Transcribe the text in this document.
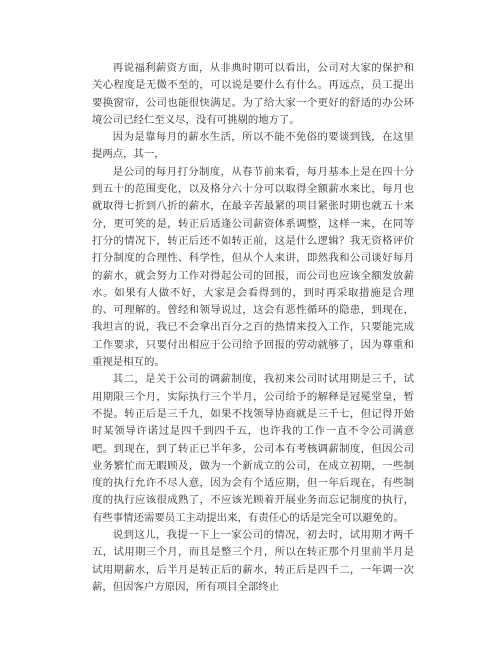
再说福利薪资方面，从非典时期可以看出，公司对大家的保护和关心程度是无微不至的，可以说是要什么有什么。再远点，员工提出要换窗帘，公司也能很快满足。为了给大家一个更好的舒适的办公环境公司已经仁至义尽，没有可挑剔的地方了。

因为是靠每月的薪水生活，所以不能不免俗的要谈到钱，在这里提两点，其一，

是公司的每月打分制度，从春节前来看，每月基本上是在四十分到五十的范围变化，以及格分六十分可以取得全额薪水来比，每月也就取得七折到八折的薪水，在最辛苦最紧的项目紧张时期也就五十来分，更可笑的是，转正后适逢公司薪资体系调整，这样一来，在同等打分的情况下，转正后还不如转正前，这是什么逻辑？我无资格评价打分制度的合理性、科学性，但从个人来讲，即然我和公司谈好每月的薪水，就会努力工作对得起公司的回报，而公司也应该全额发放薪水。如果有人做不好，大家是会看得到的，到时再采取措施是合理的、可理解的。曾经和领导说过，这会有恶性循环的隐患，到现在，我坦言的说，我已不会拿出百分之百的热情来投入工作，只要能完成工作要求，只要付出相应于公司给予回报的劳动就够了，因为尊重和重视是相互的。

其二，是关于公司的调薪制度，我初来公司时试用期是三千，试用期限三个月，实际执行三个半月，公司给予的解释是冠冕堂皇，暂不提。转正后是三千九，如果不找领导协商就是三千七，但记得开始时某领导许诺过是四千到四千五，也许我的工作一直不令公司满意吧。到现在，到了转正已半年多，公司本有考核调薪制度，但因公司业务繁忙而无暇顾及，做为一个新成立的公司，在成立初期，一些制度的执行允许不尽人意，因为会有个适应期，但一年后现在，有些制度的执行应该很成熟了，不应该光顾着开展业务而忘记制度的执行，有些事情还需要员工主动提出来，有责任心的话是完全可以避免的。

说到这儿，我提一下上一家公司的情况，初去时，试用期才两千五，试用期三个月，而且是整三个月，所以在转正那个月里前半月是试用期薪水，后半月是转正后的薪水，转正后是四千二，一年调一次薪，但因客户方原因，所有项目全部终止
